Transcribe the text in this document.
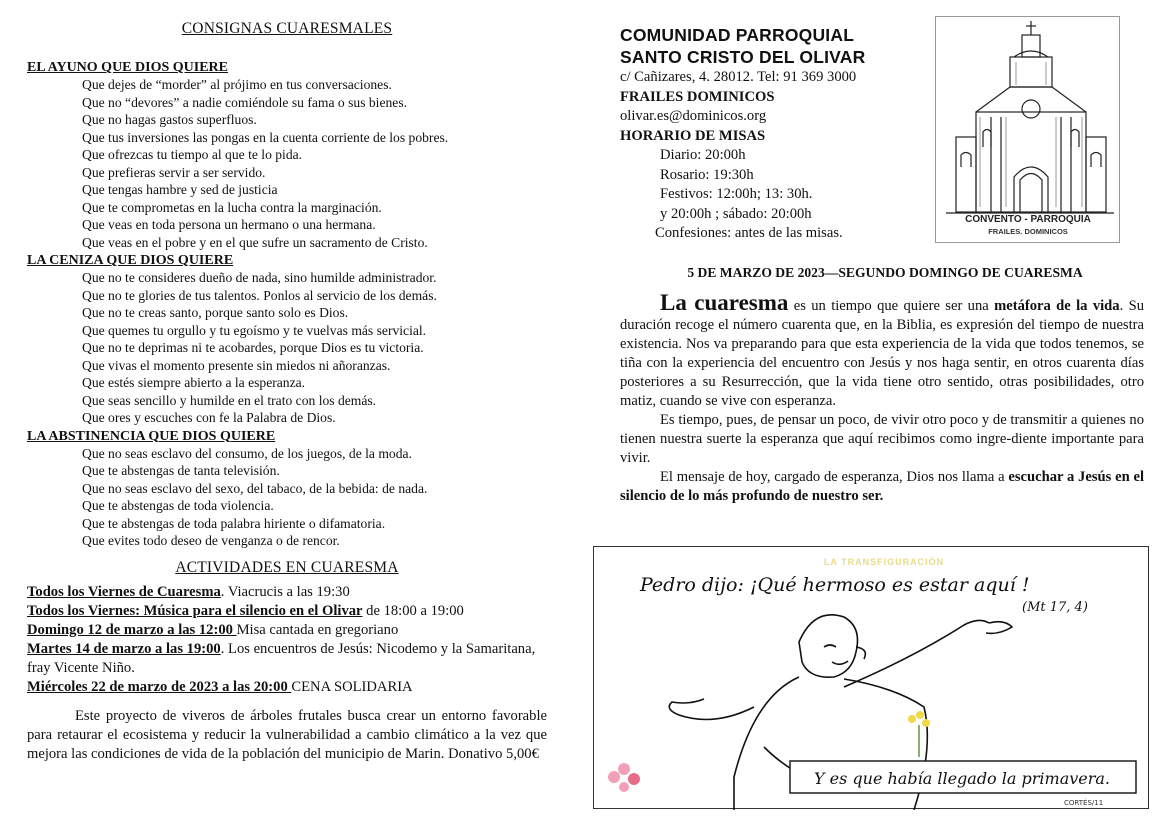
CONSIGNAS CUARESMALES
EL AYUNO QUE DIOS QUIERE
Que dejes de “morder” al prójimo en tus conversaciones.
Que no “devores” a nadie comiéndole su fama o sus bienes.
Que no hagas gastos superfluos.
Que tus inversiones las pongas en la cuenta corriente de los pobres.
Que ofrezcas tu tiempo al que te lo pida.
Que prefieras servir a ser servido.
Que tengas hambre y sed de justicia
Que te comprometas en la lucha contra la marginación.
Que veas en toda persona un hermano o una hermana.
Que veas en el pobre y en el que sufre un sacramento de Cristo.
LA CENIZA QUE DIOS QUIERE
Que no te consideres dueño de nada, sino humilde administrador.
Que no te glories de tus talentos. Ponlos al servicio de los demás.
Que no te creas santo, porque santo solo es Dios.
Que quemes tu orgullo y tu egoísmo y te vuelvas más servicial.
Que no te deprimas ni te acobardes, porque Dios es tu victoria.
Que vivas el momento presente sin miedos ni añoranzas.
Que estés siempre abierto a la esperanza.
Que seas sencillo y humilde en el trato con los demás.
Que ores y escuches con fe la Palabra de Dios.
LA ABSTINENCIA QUE DIOS QUIERE
Que no seas esclavo del consumo, de los juegos, de la moda.
Que te abstengas de tanta televisión.
Que no seas esclavo del sexo, del tabaco, de la bebida: de nada.
Que te abstengas de toda violencia.
Que te abstengas de toda palabra hiriente o difamatoria.
Que evites todo deseo de venganza o de rencor.
ACTIVIDADES EN CUARESMA
Todos los Viernes de Cuaresma. Viacrucis a las 19:30
Todos los Viernes: Música para el silencio en el Olivar de 18:00 a 19:00
Domingo 12 de marzo a las 12:00 Misa cantada en gregoriano
Martes 14 de marzo a las 19:00. Los encuentros de Jesús: Nicodemo y la Samaritana, fray Vicente Niño.
Miércoles 22 de marzo de 2023 a las 20:00 CENA SOLIDARIA
Este proyecto de viveros de árboles frutales busca crear un entorno favorable para retaurar el ecosistema y reducir la vulnerabilidad a cambio climático a la vez que mejora las condiciones de vida de la población del municipio de Marin. Donativo 5,00€
COMUNIDAD PARROQUIAL
SANTO CRISTO DEL OLIVAR
c/ Cañizares, 4. 28012. Tel: 91 369 3000
FRAILES DOMINICOS
olivar.es@dominicos.org
HORARIO DE MISAS
Diario: 20:00h
Rosario: 19:30h
Festivos: 12:00h; 13: 30h.
y 20:00h ; sábado: 20:00h
Confesiones: antes de las misas.
CONVENTO - PARROQUIA
FRAILES. DOMINICOS
5 DE MARZO DE 2023—SEGUNDO DOMINGO DE CUARESMA

La cuaresma es un tiempo que quiere ser una metáfora de la vida. Su duración recoge el número cuarenta que, en la Biblia, es expresión del tiempo de nuestra existencia. Nos va preparando para que esta experiencia de la vida que todos tenemos, se tiña con la experiencia del encuentro con Jesús y nos haga sentir, en otros cuarenta días posteriores a su Resurrección, que la vida tiene otro sentido, otras posibilidades, otro matiz, cuando se vive con esperanza.

Es tiempo, pues, de pensar un poco, de vivir otro poco y de transmitir a quienes no tienen nuestra suerte la esperanza que aquí recibimos como ingre-diente importante para vivir.

El mensaje de hoy, cargado de esperanza, Dios nos llama a escuchar a Jesús en el silencio de lo más profundo de nuestro ser.

LA TRANSFIGURACIÓN
Pedro dijo: ¡Qué hermoso es estar aquí !
(Mt 17, 4)
Y es que había llegado la primavera.
CORTÉS/11
